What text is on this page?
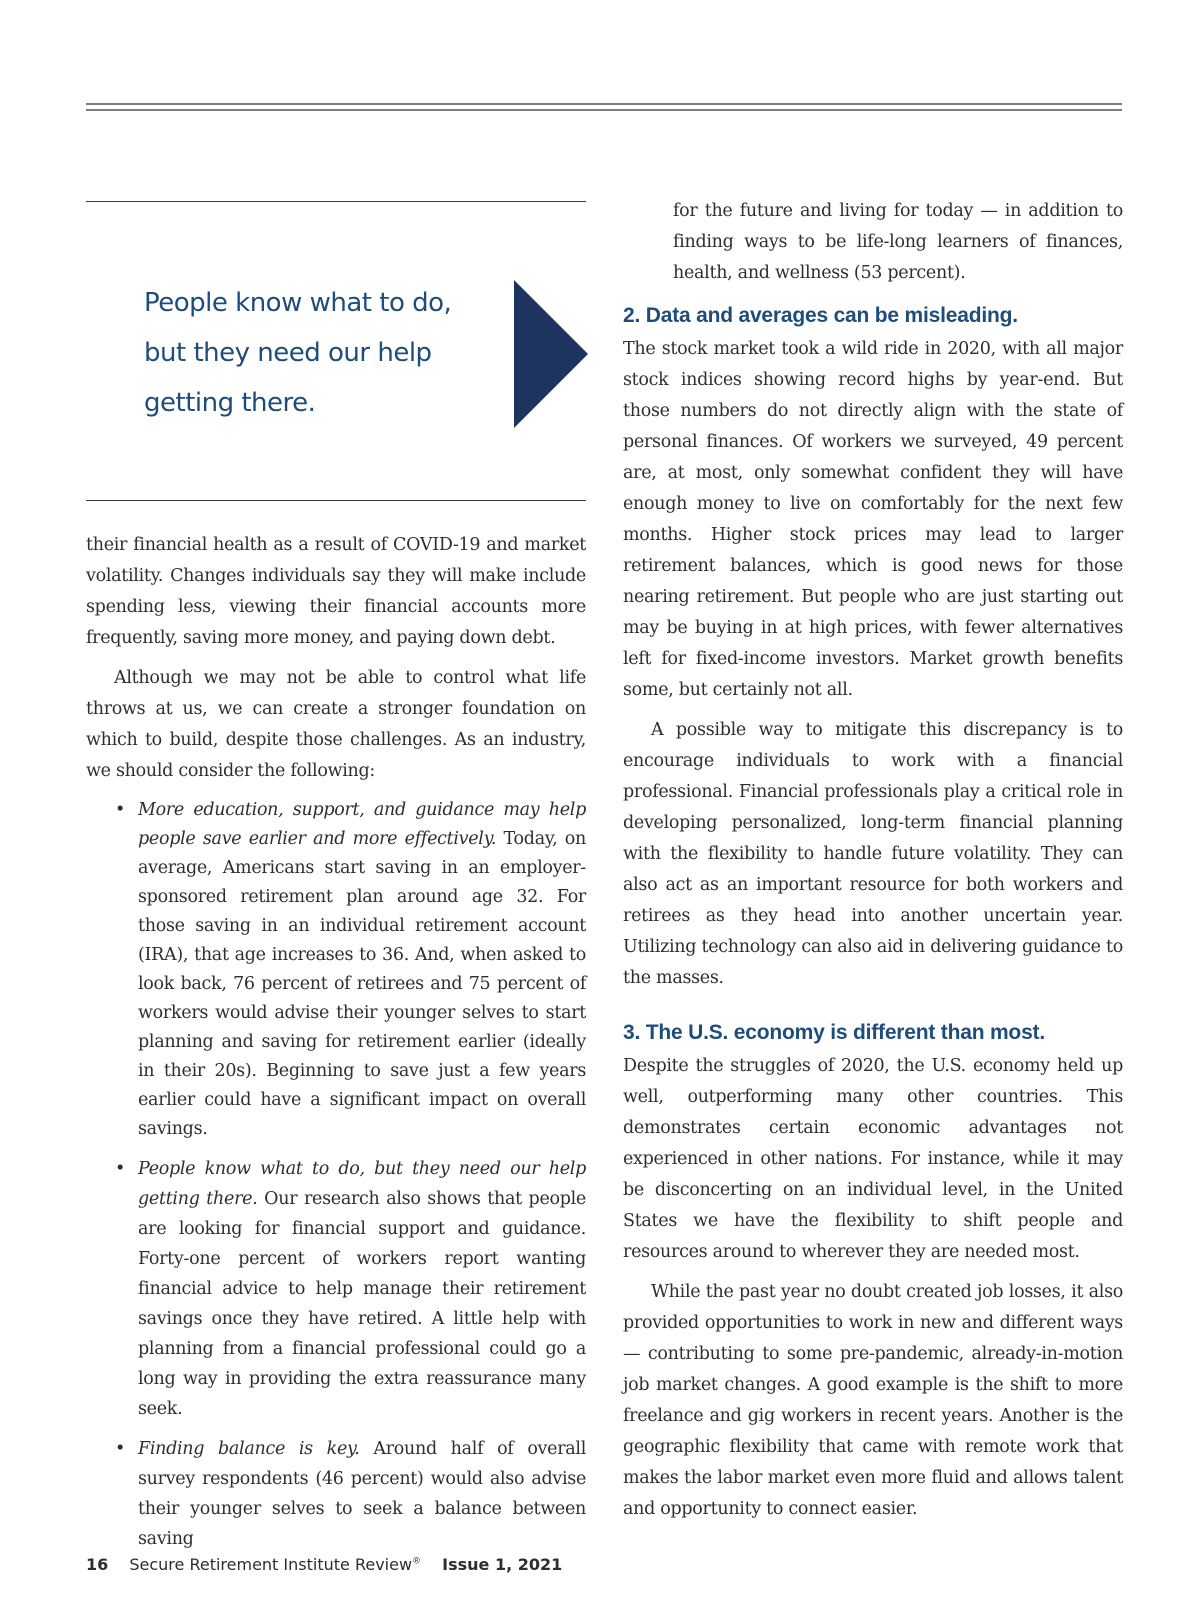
People know what to do,
but they need our help
getting there.

their financial health as a result of COVID-19 and market volatility. Changes individuals say they will make include spending less, viewing their financial accounts more frequently, saving more money, and paying down debt.

Although we may not be able to control what life throws at us, we can create a stronger foundation on which to build, despite those challenges. As an industry, we should consider the following:

• More education, support, and guidance may help people save earlier and more effectively. Today, on average, Americans start saving in an employer-sponsored retirement plan around age 32. For those saving in an individual retirement account (IRA), that age increases to 36. And, when asked to look back, 76 percent of retirees and 75 percent of workers would advise their younger selves to start planning and saving for retirement earlier (ideally in their 20s). Beginning to save just a few years earlier could have a significant impact on overall savings.
• People know what to do, but they need our help getting there. Our research also shows that people are looking for financial support and guidance. Forty-one percent of workers report wanting financial advice to help manage their retirement savings once they have retired. A little help with planning from a financial professional could go a long way in providing the extra reassurance many seek.
• Finding balance is key. Around half of overall survey respondents (46 percent) would also advise their younger selves to seek a balance between saving

for the future and living for today — in addition to finding ways to be life-long learners of finances, health, and wellness (53 percent).

2. Data and averages can be misleading.

The stock market took a wild ride in 2020, with all major stock indices showing record highs by year-end. But those numbers do not directly align with the state of personal finances. Of workers we surveyed, 49 percent are, at most, only somewhat confident they will have enough money to live on comfortably for the next few months. Higher stock prices may lead to larger retirement balances, which is good news for those nearing retirement. But people who are just starting out may be buying in at high prices, with fewer alternatives left for fixed-income investors. Market growth benefits some, but certainly not all.

A possible way to mitigate this discrepancy is to encourage individuals to work with a financial professional. Financial professionals play a critical role in developing personalized, long-term financial planning with the flexibility to handle future volatility. They can also act as an important resource for both workers and retirees as they head into another uncertain year. Utilizing technology can also aid in delivering guidance to the masses.

3. The U.S. economy is different than most.

Despite the struggles of 2020, the U.S. economy held up well, outperforming many other countries. This demonstrates certain economic advantages not experienced in other nations. For instance, while it may be disconcerting on an individual level, in the United States we have the flexibility to shift people and resources around to wherever they are needed most.

While the past year no doubt created job losses, it also provided opportunities to work in new and different ways — contributing to some pre-pandemic, already-in-motion job market changes. A good example is the shift to more freelance and gig workers in recent years. Another is the geographic flexibility that came with remote work that makes the labor market even more fluid and allows talent and opportunity to connect easier.

16 Secure Retirement Institute Review® Issue 1, 2021
